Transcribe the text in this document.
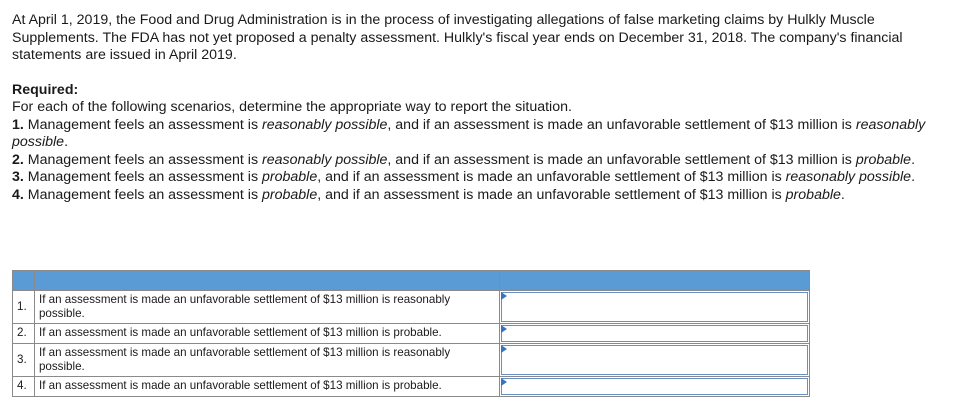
At April 1, 2019, the Food and Drug Administration is in the process of investigating allegations of false marketing claims by Hulkly Muscle Supplements. The FDA has not yet proposed a penalty assessment. Hulkly's fiscal year ends on December 31, 2018. The company's financial statements are issued in April 2019.

Required:

For each of the following scenarios, determine the appropriate way to report the situation.

1. Management feels an assessment is reasonably possible, and if an assessment is made an unfavorable settlement of $13 million is reasonably possible.

2. Management feels an assessment is reasonably possible, and if an assessment is made an unfavorable settlement of $13 million is probable.

3. Management feels an assessment is probable, and if an assessment is made an unfavorable settlement of $13 million is reasonably possible.

4. Management feels an assessment is probable, and if an assessment is made an unfavorable settlement of $13 million is probable.

1.	If an assessment is made an unfavorable settlement of $13 million is reasonably possible.	

2.	If an assessment is made an unfavorable settlement of $13 million is probable.	

3.	If an assessment is made an unfavorable settlement of $13 million is reasonably possible.	

4.	If an assessment is made an unfavorable settlement of $13 million is probable.	
